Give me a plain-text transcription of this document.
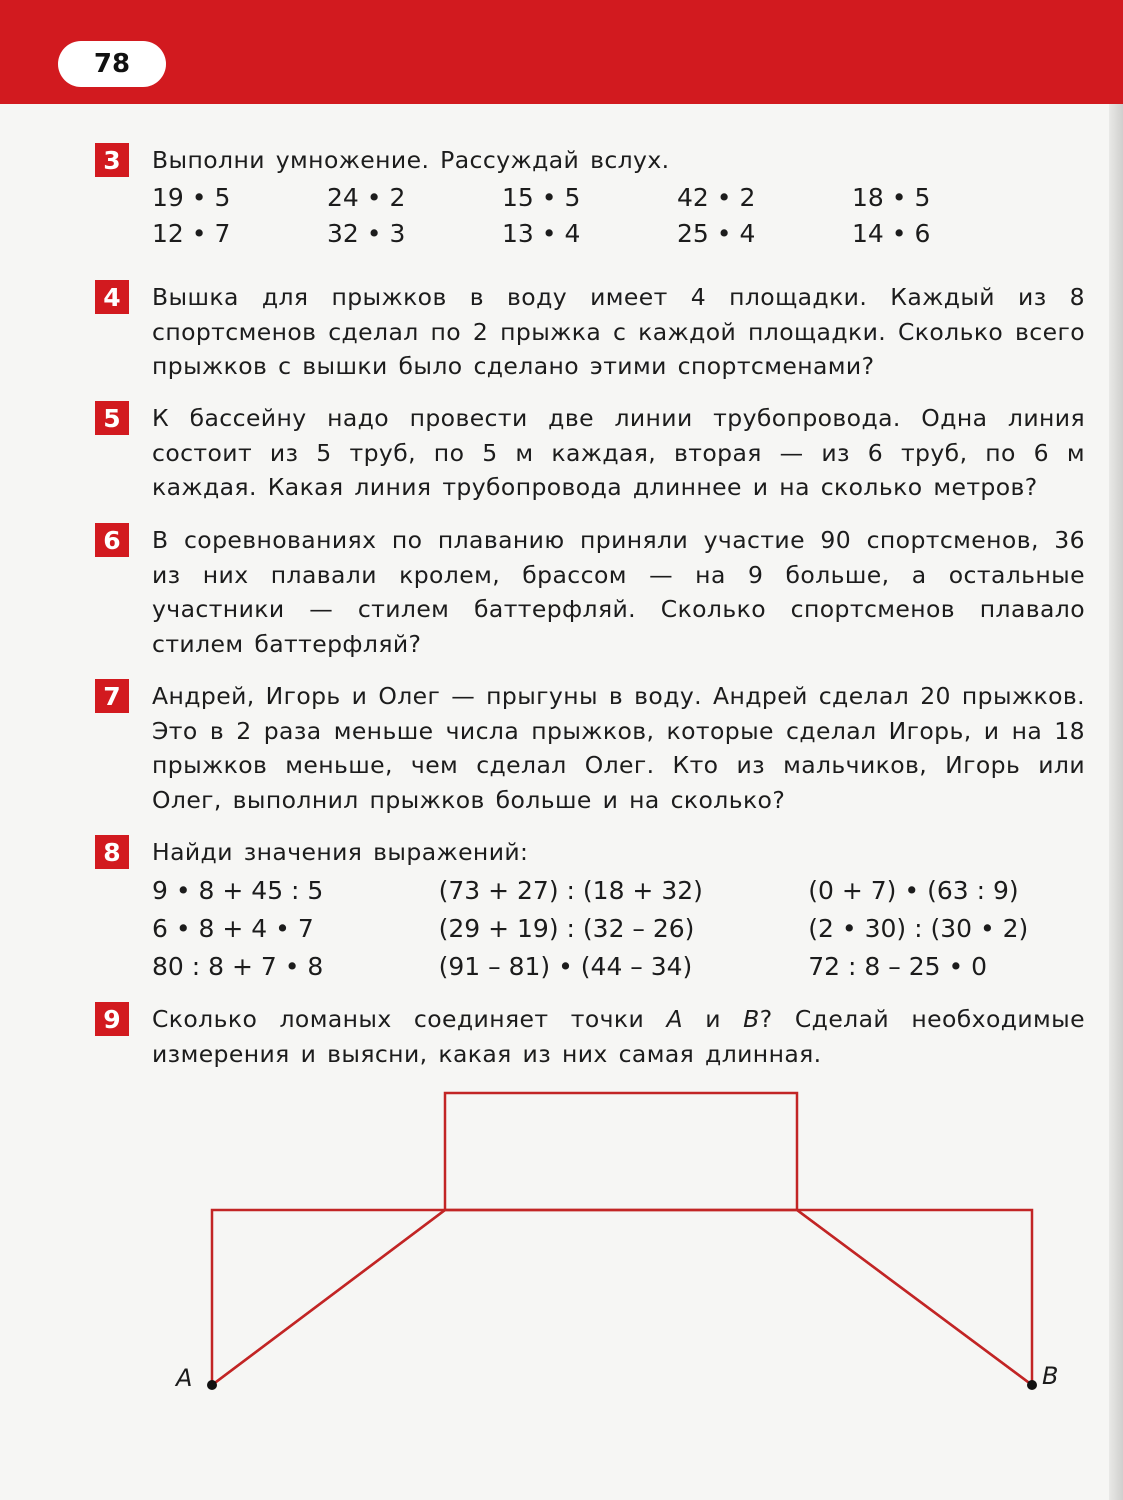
78
3	Выполни умножение. Рассуждай вслух.
19 • 5	24 • 2	15 • 5	42 • 2	18 • 5
12 • 7	32 • 3	13 • 4	25 • 4	14 • 6
4	Вышка для прыжков в воду имеет 4 площадки. Каждый из 8 спортсменов сделал по 2 прыжка с каждой площадки. Сколько всего прыжков с вышки было сделано этими спортсменами?
5	К бассейну надо провести две линии трубопровода. Одна линия состоит из 5 труб, по 5 м каждая, вторая — из 6 труб, по 6 м каждая. Какая линия трубопровода длиннее и на сколько метров?
6	В соревнованиях по плаванию приняли участие 90 спортсменов, 36 из них плавали кролем, брассом — на 9 больше, а остальные участники — стилем баттерфляй. Сколько спортсменов плавало стилем баттерфляй?
7	Андрей, Игорь и Олег — прыгуны в воду. Андрей сделал 20 прыжков. Это в 2 раза меньше числа прыжков, которые сделал Игорь, и на 18 прыжков меньше, чем сделал Олег. Кто из мальчиков, Игорь или Олег, выполнил прыжков больше и на сколько?
8	Найди значения выражений:
9 • 8 + 45 : 5	(73 + 27) : (18 + 32)	(0 + 7) • (63 : 9)
6 • 8 + 4 • 7	(29 + 19) : (32 – 26)	(2 • 30) : (30 • 2)
80 : 8 + 7 • 8	(91 – 81) • (44 – 34)	72 : 8 – 25 • 0
9	Сколько ломаных соединяет точки A и B? Сделай необходимые измерения и выясни, какая из них самая длинная.
A	B
